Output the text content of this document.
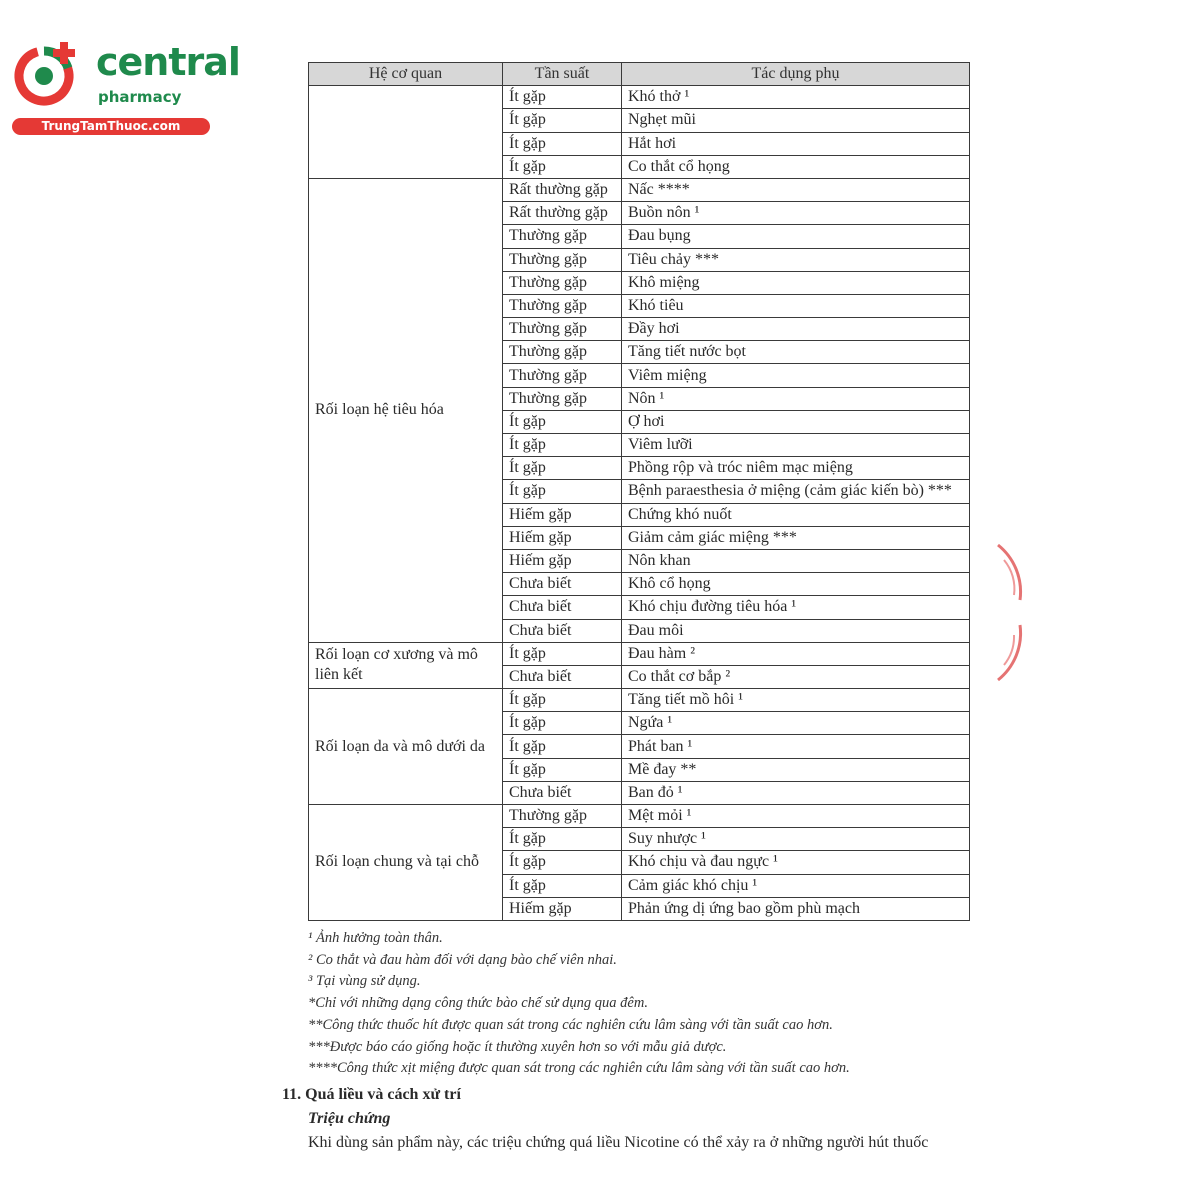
central
pharmacy
TrungTamThuoc.com
Hệ cơ quan	Tần suất	Tác dụng phụ
	Ít gặp	Khó thở ¹
	Ít gặp	Nghẹt mũi
	Ít gặp	Hắt hơi
	Ít gặp	Co thắt cổ họng
Rối loạn hệ tiêu hóa	Rất thường gặp	Nấc ****
	Rất thường gặp	Buồn nôn ¹
	Thường gặp	Đau bụng
	Thường gặp	Tiêu chảy ***
	Thường gặp	Khô miệng
	Thường gặp	Khó tiêu
	Thường gặp	Đầy hơi
	Thường gặp	Tăng tiết nước bọt
	Thường gặp	Viêm miệng
	Thường gặp	Nôn ¹
	Ít gặp	Ợ hơi
	Ít gặp	Viêm lưỡi
	Ít gặp	Phồng rộp và tróc niêm mạc miệng
	Ít gặp	Bệnh paraesthesia ở miệng (cảm giác kiến bò) ***
	Hiếm gặp	Chứng khó nuốt
	Hiếm gặp	Giảm cảm giác miệng ***
	Hiếm gặp	Nôn khan
	Chưa biết	Khô cổ họng
	Chưa biết	Khó chịu đường tiêu hóa ¹
	Chưa biết	Đau môi
Rối loạn cơ xương và mô liên kết	Ít gặp	Đau hàm ²
	Chưa biết	Co thắt cơ bắp ²
Rối loạn da và mô dưới da	Ít gặp	Tăng tiết mồ hôi ¹
	Ít gặp	Ngứa ¹
	Ít gặp	Phát ban ¹
	Ít gặp	Mề đay **
	Chưa biết	Ban đỏ ¹
Rối loạn chung và tại chỗ	Thường gặp	Mệt mỏi ¹
	Ít gặp	Suy nhược ¹
	Ít gặp	Khó chịu và đau ngực ¹
	Ít gặp	Cảm giác khó chịu ¹
	Hiếm gặp	Phản ứng dị ứng bao gồm phù mạch
¹ Ảnh hưởng toàn thân.
² Co thắt và đau hàm đối với dạng bào chế viên nhai.
³ Tại vùng sử dụng.
*Chỉ với những dạng công thức bào chế sử dụng qua đêm.
**Công thức thuốc hít được quan sát trong các nghiên cứu lâm sàng với tần suất cao hơn.
***Được báo cáo giống hoặc ít thường xuyên hơn so với mẫu giả dược.
****Công thức xịt miệng được quan sát trong các nghiên cứu lâm sàng với tần suất cao hơn.
11. Quá liều và cách xử trí
Triệu chứng
Khi dùng sản phẩm này, các triệu chứng quá liều Nicotine có thể xảy ra ở những người hút thuốc
